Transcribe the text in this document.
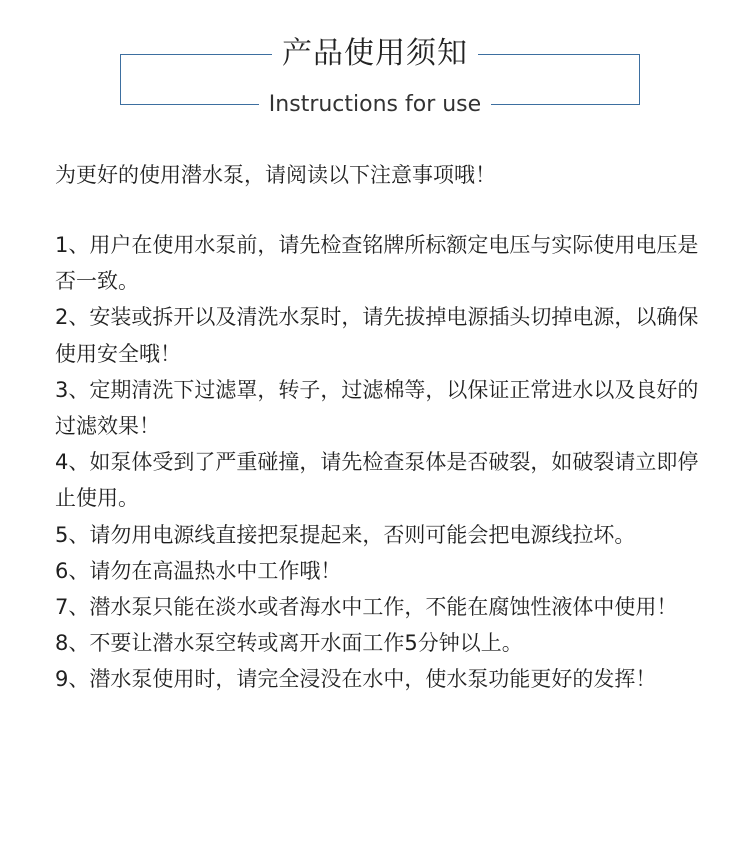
产品使用须知
Instructions for use
为更好的使用潜水泵，请阅读以下注意事项哦！
1、用户在使用水泵前，请先检查铭牌所标额定电压与实际使用电压是否一致。
2、安装或拆开以及清洗水泵时，请先拔掉电源插头切掉电源，以确保使用安全哦！
3、定期清洗下过滤罩，转子，过滤棉等，以保证正常进水以及良好的过滤效果！
4、如泵体受到了严重碰撞，请先检查泵体是否破裂，如破裂请立即停止使用。
5、请勿用电源线直接把泵提起来，否则可能会把电源线拉坏。
6、请勿在高温热水中工作哦！
7、潜水泵只能在淡水或者海水中工作，不能在腐蚀性液体中使用！
8、不要让潜水泵空转或离开水面工作5分钟以上。
9、潜水泵使用时，请完全浸没在水中，使水泵功能更好的发挥！
